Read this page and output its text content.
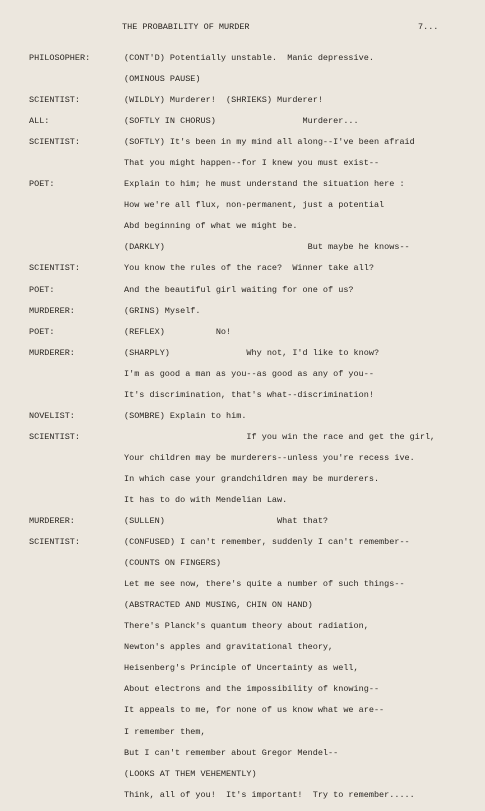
THE PROBABILITY OF MURDER	7...
PHILOSOPHER:	(CONT'D) Potentially unstable.  Manic depressive.
(OMINOUS PAUSE)
SCIENTIST:	(WILDLY) Murderer!  (SHRIEKS) Murderer!
ALL:	(SOFTLY IN CHORUS)                 Murderer...
SCIENTIST:	(SOFTLY) It's been in my mind all along--I've been afraid
That you might happen--for I knew you must exist--
POET:	Explain to him; he must understand the situation here :
How we're all flux, non-permanent, just a potential
Abd beginning of what we might be.
(DARKLY)                            But maybe he knows--
SCIENTIST:	You know the rules of the race?  Winner take all?
POET:	And the beautiful girl waiting for one of us?
MURDERER:	(GRINS) Myself.
POET:	(REFLEX)          No!
MURDERER:	(SHARPLY)               Why not, I'd like to know?
I'm as good a man as you--as good as any of you--
It's discrimination, that's what--discrimination!
NOVELIST:	(SOMBRE) Explain to him.
SCIENTIST:	If you win the race and get the girl,
Your children may be murderers--unless you're recess ive.
In which case your grandchildren may be murderers.
It has to do with Mendelian Law.
MURDERER:	(SULLEN)                      What that?
SCIENTIST:	(CONFUSED) I can't remember, suddenly I can't remember--
(COUNTS ON FINGERS)
Let me see now, there's quite a number of such things--
(ABSTRACTED AND MUSING, CHIN ON HAND)
There's Planck's quantum theory about radiation,
Newton's apples and gravitational theory,
Heisenberg's Principle of Uncertainty as well,
About electrons and the impossibility of knowing--
It appeals to me, for none of us know what we are--
I remember them,
But I can't remember about Gregor Mendel--
(LOOKS AT THEM VEHEMENTLY)
Think, all of you!  It's important!  Try to remember.....
